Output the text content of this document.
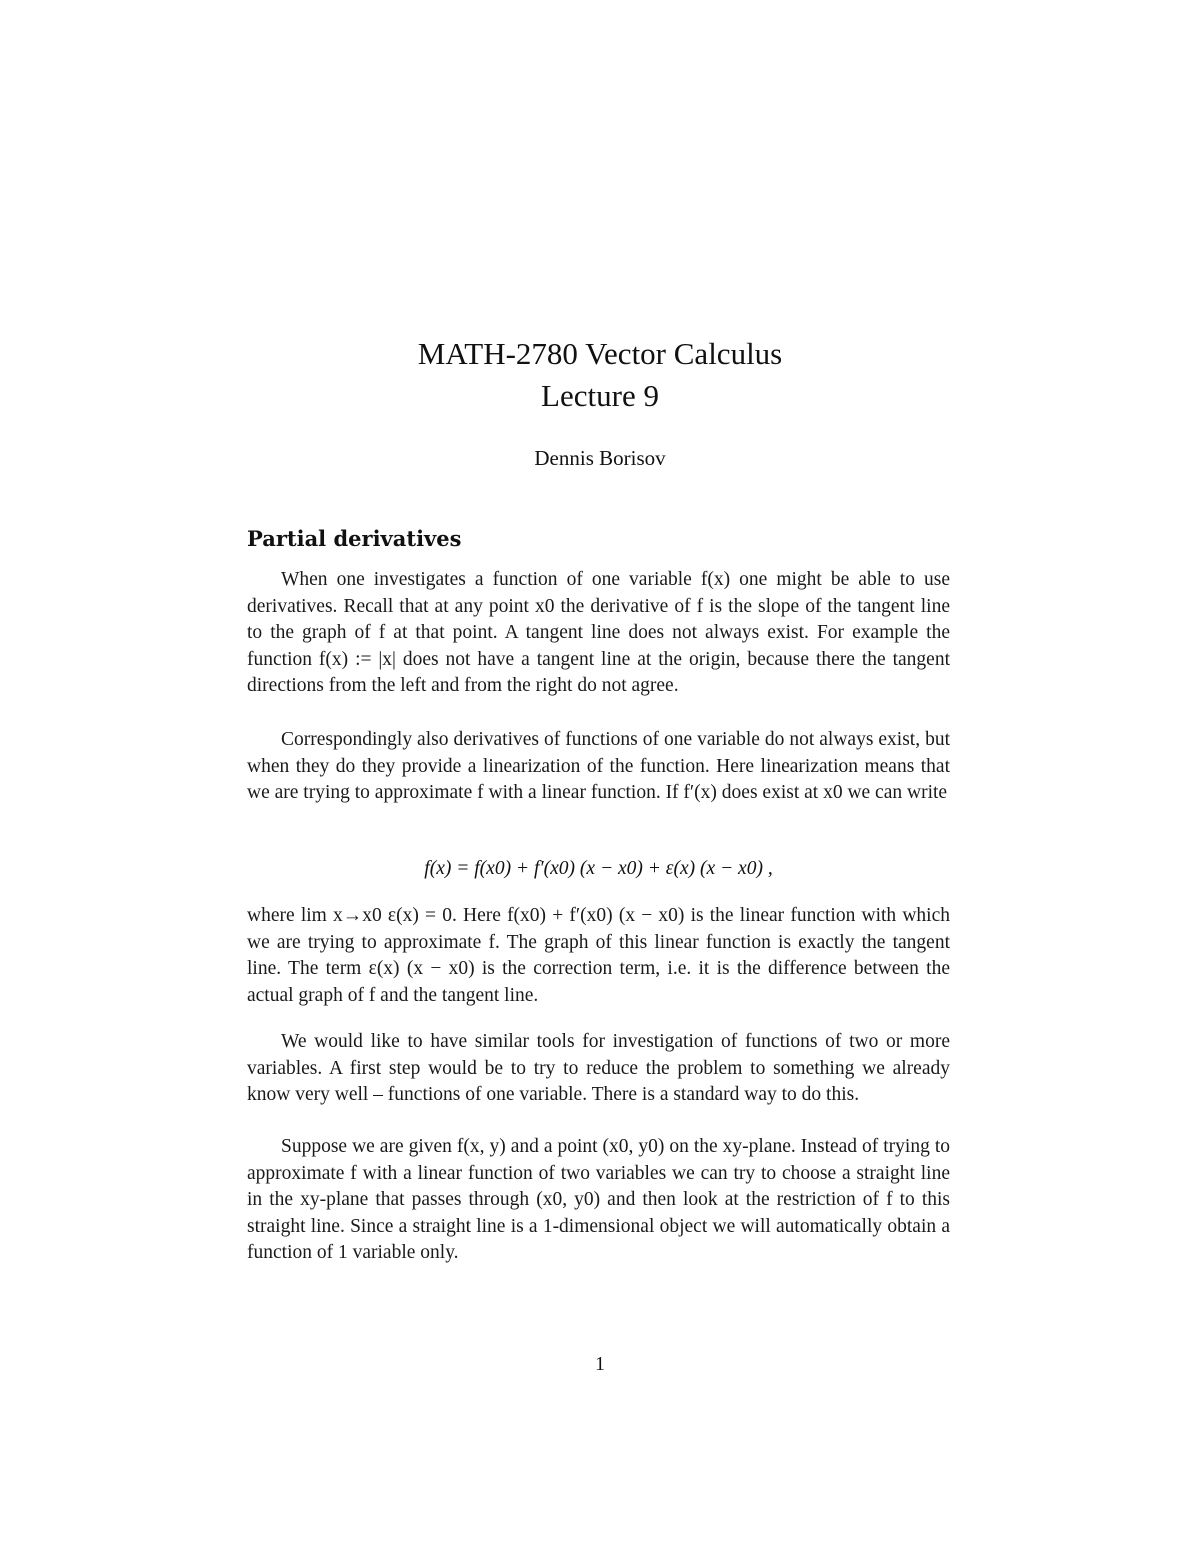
MATH-2780 Vector Calculus
Lecture 9
Dennis Borisov
Partial derivatives

When one investigates a function of one variable f(x) one might be able to use derivatives. Recall that at any point x0 the derivative of f is the slope of the tangent line to the graph of f at that point. A tangent line does not always exist. For example the function f(x) := |x| does not have a tangent line at the origin, because there the tangent directions from the left and from the right do not agree.

Correspondingly also derivatives of functions of one variable do not always exist, but when they do they provide a linearization of the function. Here linearization means that we are trying to approximate f with a linear function. If f′(x) does exist at x0 we can write

f(x) = f(x0) + f′(x0) (x − x0) + ε(x) (x − x0) ,

where lim x→x0 ε(x) = 0. Here f(x0) + f′(x0) (x − x0) is the linear function with which we are trying to approximate f. The graph of this linear function is exactly the tangent line. The term ε(x) (x − x0) is the correction term, i.e. it is the difference between the actual graph of f and the tangent line.

We would like to have similar tools for investigation of functions of two or more variables. A first step would be to try to reduce the problem to something we already know very well – functions of one variable. There is a standard way to do this.

Suppose we are given f(x, y) and a point (x0, y0) on the xy-plane. Instead of trying to approximate f with a linear function of two variables we can try to choose a straight line in the xy-plane that passes through (x0, y0) and then look at the restriction of f to this straight line. Since a straight line is a 1-dimensional object we will automatically obtain a function of 1 variable only.

1
